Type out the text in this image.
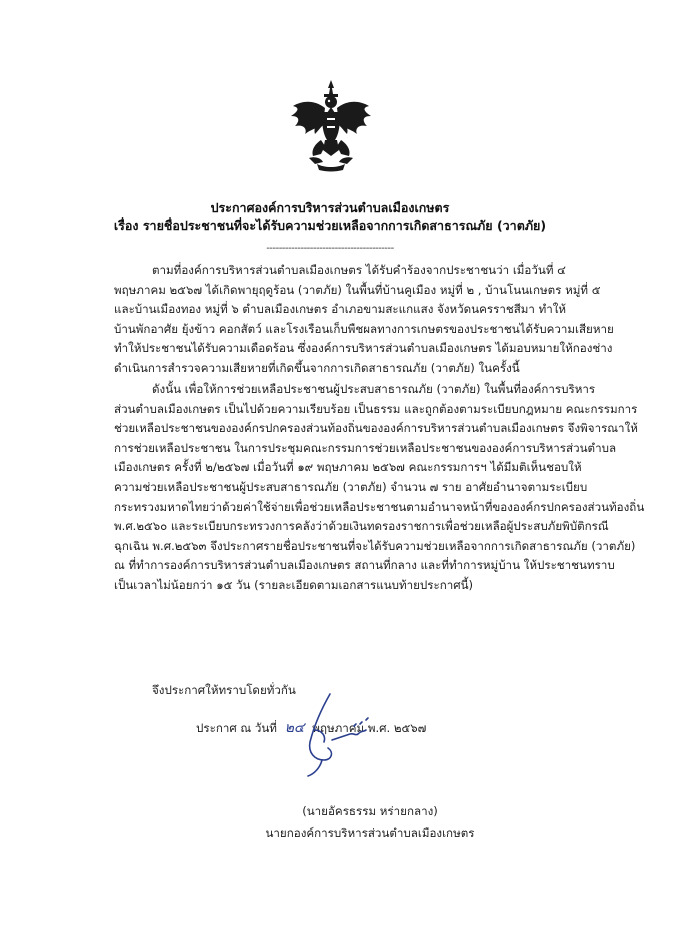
ประกาศองค์การบริหารส่วนตำบลเมืองเกษตร
เรื่อง รายชื่อประชาชนที่จะได้รับความช่วยเหลือจากการเกิดสาธารณภัย (วาตภัย)
-----------------------------------------
ตามที่องค์การบริหารส่วนตำบลเมืองเกษตร ได้รับคำร้องจากประชาชนว่า เมื่อวันที่ ๔
พฤษภาคม ๒๕๖๗ ได้เกิดพายุฤดูร้อน (วาตภัย) ในพื้นที่บ้านคูเมือง หมู่ที่ ๒ , บ้านโนนเกษตร หมู่ที่ ๕
และบ้านเมืองทอง หมู่ที่ ๖ ตำบลเมืองเกษตร อำเภอขามสะแกแสง จังหวัดนครราชสีมา ทำให้
บ้านพักอาศัย ยุ้งข้าว คอกสัตว์ และโรงเรือนเก็บพืชผลทางการเกษตรของประชาชนได้รับความเสียหาย
ทำให้ประชาชนได้รับความเดือดร้อน ซึ่งองค์การบริหารส่วนตำบลเมืองเกษตร ได้มอบหมายให้กองช่าง
ดำเนินการสำรวจความเสียหายที่เกิดขึ้นจากการเกิดสาธารณภัย (วาตภัย) ในครั้งนี้
ดังนั้น เพื่อให้การช่วยเหลือประชาชนผู้ประสบสาธารณภัย (วาตภัย) ในพื้นที่องค์การบริหาร
ส่วนตำบลเมืองเกษตร เป็นไปด้วยความเรียบร้อย เป็นธรรม และถูกต้องตามระเบียบกฎหมาย คณะกรรมการ
ช่วยเหลือประชาชนขององค์กรปกครองส่วนท้องถิ่นขององค์การบริหารส่วนตำบลเมืองเกษตร จึงพิจารณาให้
การช่วยเหลือประชาชน ในการประชุมคณะกรรมการช่วยเหลือประชาชนขององค์การบริหารส่วนตำบล
เมืองเกษตร ครั้งที่ ๒/๒๕๖๗ เมื่อวันที่ ๑๙ พฤษภาคม ๒๕๖๗ คณะกรรมการฯ ได้มีมติเห็นชอบให้
ความช่วยเหลือประชาชนผู้ประสบสาธารณภัย (วาตภัย) จำนวน ๗ ราย อาศัยอำนาจตามระเบียบ
กระทรวงมหาดไทยว่าด้วยค่าใช้จ่ายเพื่อช่วยเหลือประชาชนตามอำนาจหน้าที่ขององค์กรปกครองส่วนท้องถิ่น
พ.ศ.๒๕๖๐ และระเบียบกระทรวงการคลังว่าด้วยเงินทดรองราชการเพื่อช่วยเหลือผู้ประสบภัยพิบัติกรณี
ฉุกเฉิน พ.ศ.๒๕๖๓ จึงประกาศรายชื่อประชาชนที่จะได้รับความช่วยเหลือจากการเกิดสาธารณภัย (วาตภัย)
ณ ที่ทำการองค์การบริหารส่วนตำบลเมืองเกษตร สถานที่กลาง และที่ทำการหมู่บ้าน ให้ประชาชนทราบ
เป็นเวลาไม่น้อยกว่า ๑๕ วัน (รายละเอียดตามเอกสารแนบท้ายประกาศนี้)
จึงประกาศให้ทราบโดยทั่วกัน
ประกาศ ณ วันที่ ๒๔ พฤษภาคม พ.ศ. ๒๕๖๗
(นายอัครธรรม หร่ายกลาง)
นายกองค์การบริหารส่วนตำบลเมืองเกษตร
